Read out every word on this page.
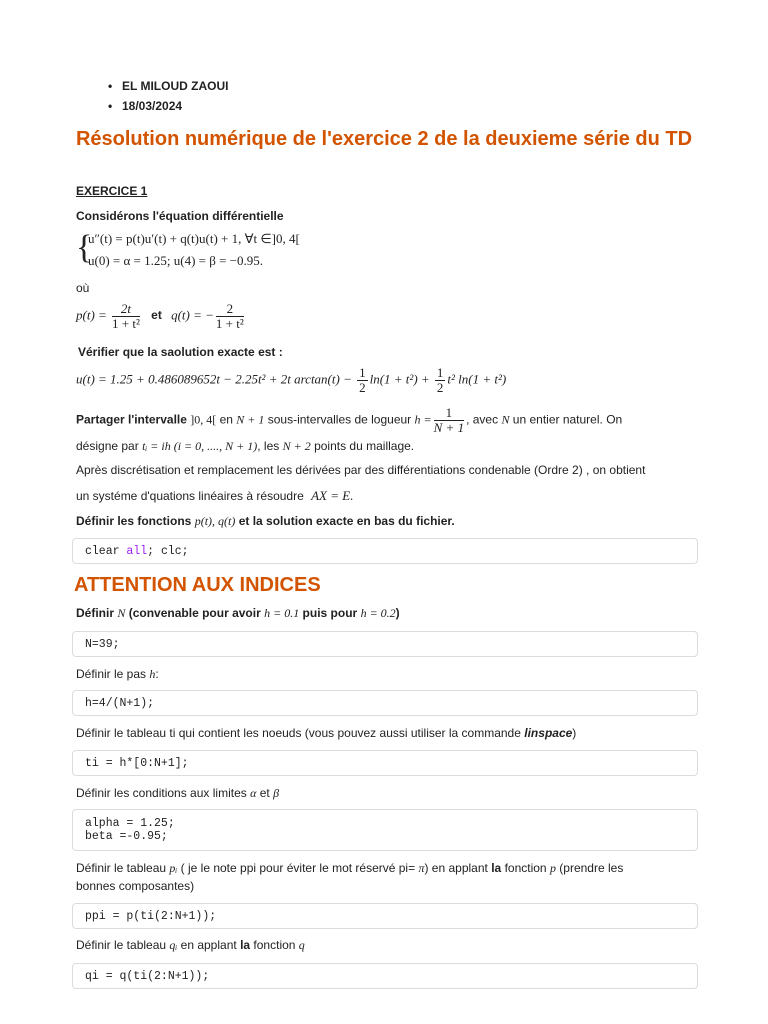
• EL MILOUD ZAOUI
• 18/03/2024
Résolution numérique de l'exercice 2 de la deuxieme série du TD
EXERCICE 1
Considérons l'équation différentielle
{
u″(t) = p(t)u′(t) + q(t)u(t) + 1, ∀t ∈]0, 4[
u(0) = α = 1.25; u(4) = β = −0.95.
où
$p(t) = \frac{2t}{\text{1 + t²}}$ et q(t) = − $\frac{2}{\text{1 + t²}}$
Vérifier que la saolution exacte est :
u(t) = 1.25 + 0.486089652t − 2.25t² + 2t $\arctan(t) - \frac{1}{2} \ln(1 + t^2) + \frac{1}{2} t^2$ ln(1 + t²)
Partager l'intervalle ]0, 4[ en N + 1 sous-intervalles de logueur $h = \frac{1}{N + 1}$ , avec N un entier naturel. On
désigne par tᵢ = ih (i = 0, ...., N + 1), les N + 2 points du maillage.
Après discrétisation et remplacement les dérivées par des différentiations condenable (Ordre 2) , on obtient
un systéme d'quations linéaires à résoudre AX = E.
Définir les fonctions p(t), q(t) et la solution exacte en bas du fichier.
clear all; clc;
ATTENTION AUX INDICES
Définir N (convenable pour avoir h = 0.1 puis pour h = 0.2)
N=39;
Définir le pas h:
h=4/(N+1);
Définir le tableau ti qui contient les noeuds (vous pouvez aussi utiliser la commande linspace)
ti = h*[0:N+1];
Définir les conditions aux limites α et β
alpha = 1.25;
beta =-0.95;
Définir le tableau pᵢ ( je le note ppi pour éviter le mot réservé pi= π) en applant la fonction p (prendre les
bonnes composantes)
ppi = p(ti(2:N+1));
Définir le tableau qᵢ en applant la fonction q
qi = q(ti(2:N+1));
